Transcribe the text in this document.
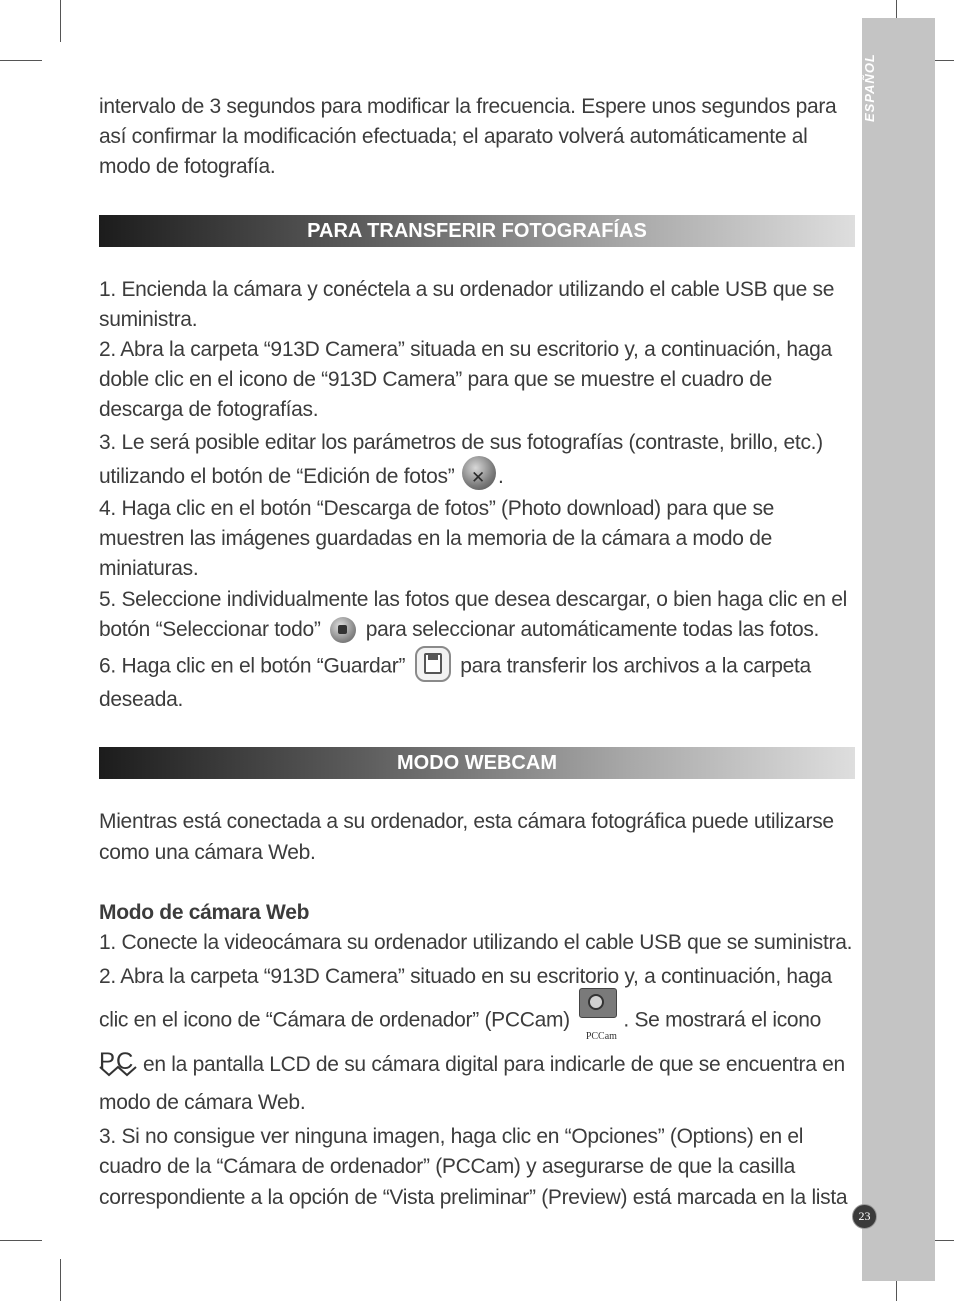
intervalo de 3 segundos para modificar la frecuencia. Espere unos segundos para así confirmar la modificación efectuada; el aparato volverá automáticamente al modo de fotografía.

PARA TRANSFERIR FOTOGRAFÍAS

1. Encienda la cámara y conéctela a su ordenador utilizando el cable USB que se suministra.

2. Abra la carpeta “913D Camera” situada en su escritorio y, a continuación, haga doble clic en el icono de “913D Camera” para que se muestre el cuadro de descarga de fotografías.

3. Le será posible editar los parámetros de sus fotografías (contraste, brillo, etc.) utilizando el botón de “Edición de fotos” ✕ .

4. Haga clic en el botón “Descarga de fotos” (Photo download) para que se muestren las imágenes guardadas en la memoria de la cámara a modo de miniaturas.

5. Seleccione individualmente las fotos que desea descargar, o bien haga clic en el botón “Seleccionar todo” para seleccionar automáticamente todas las fotos.

6. Haga clic en el botón “Guardar”	para transferir los archivos a la carpeta deseada.

MODO WEBCAM

Mientras está conectada a su ordenador, esta cámara fotográfica puede utilizarse como una cámara Web.

Modo de cámara Web

1. Conecte la videocámara su ordenador utilizando el cable USB que se suministra.

2. Abra la carpeta “913D Camera” situado en su escritorio y, a continuación, haga clic en el icono de “Cámara de ordenador” (PCCam)
PCCam
. Se mostrará el icono
PC en la pantalla LCD de su cámara digital para indicarle de que se encuentra en modo de cámara Web.

3. Si no consigue ver ninguna imagen, haga clic en “Opciones” (Options) en el cuadro de la “Cámara de ordenador” (PCCam) y asegurarse de que la casilla correspondiente a la opción de “Vista preliminar” (Preview) está marcada en la lista

23
